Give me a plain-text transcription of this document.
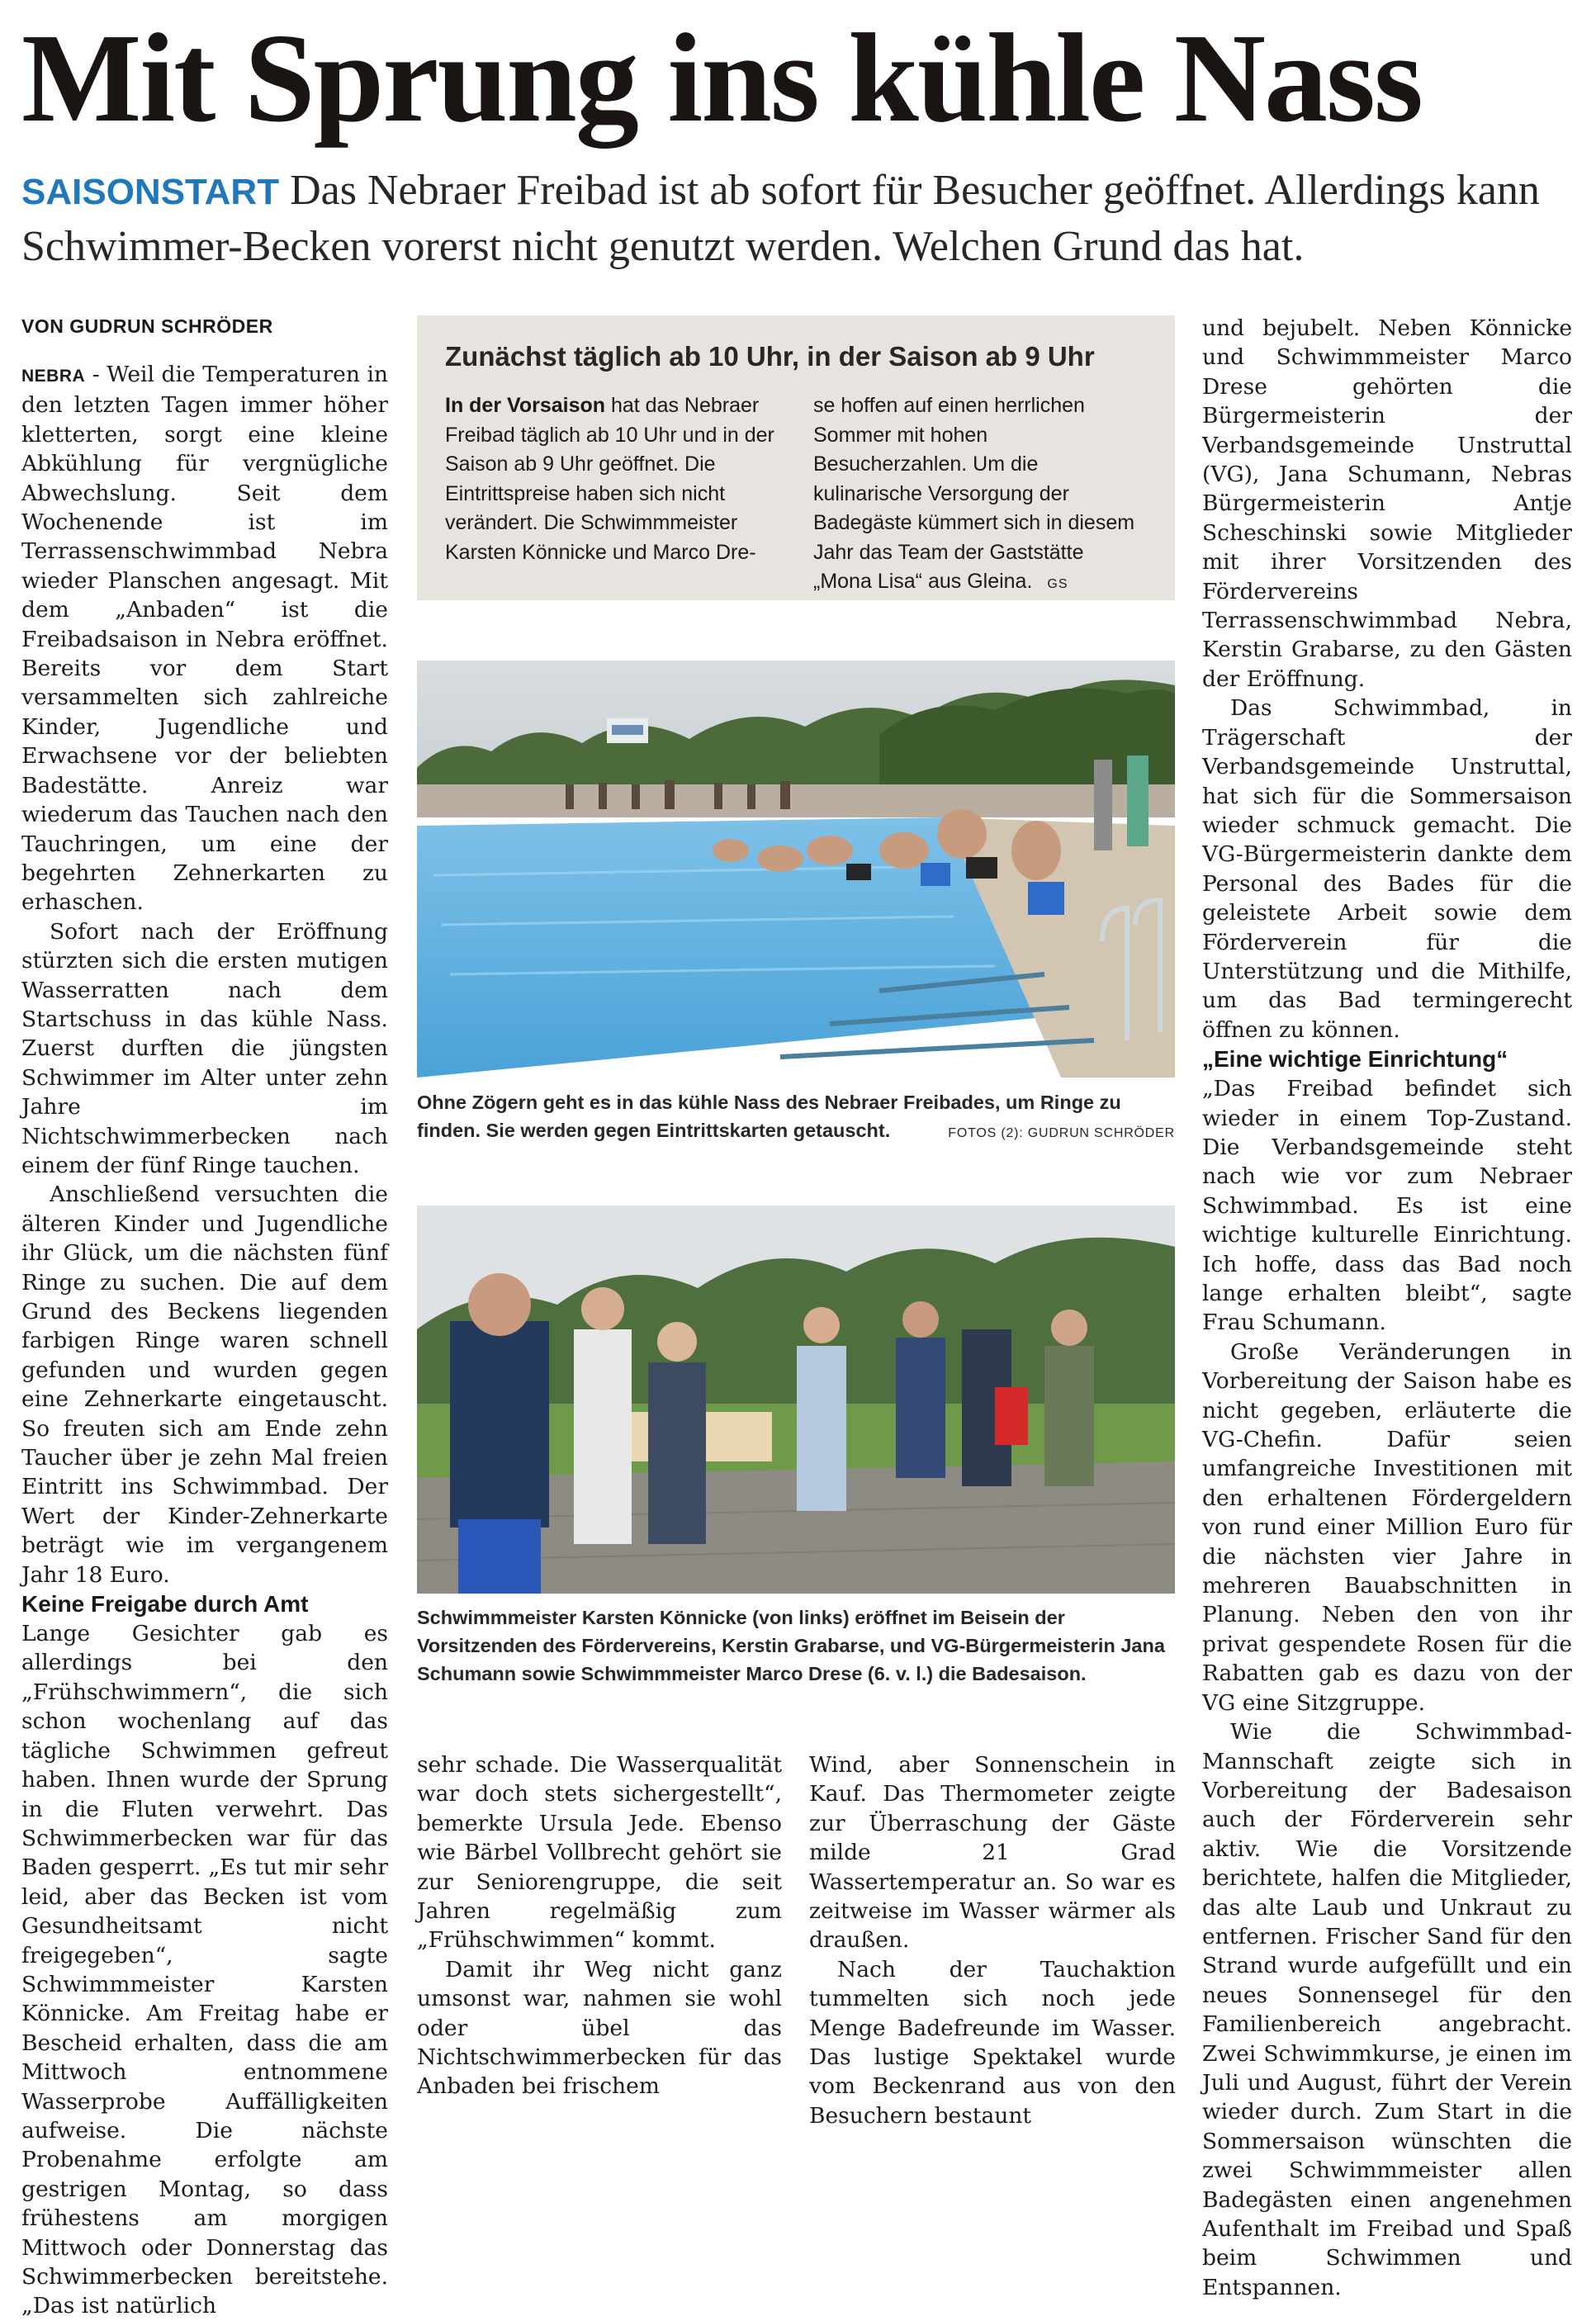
Mit Sprung ins kühle Nass
SAISONSTART Das Nebraer Freibad ist ab sofort für Besucher geöffnet. Allerdings kann Schwimmer-Becken vorerst nicht genutzt werden. Welchen Grund das hat.
VON GUDRUN SCHRÖDER

NEBRA - Weil die Temperaturen in den letzten Tagen immer höher kletterten, sorgt eine kleine Abkühlung für vergnügliche Abwechslung. Seit dem Wochenende ist im Terrassenschwimmbad Nebra wieder Planschen angesagt. Mit dem „Anbaden“ ist die Freibadsaison in Nebra eröffnet. Bereits vor dem Start versammelten sich zahlreiche Kinder, Jugendliche und Erwachsene vor der beliebten Badestätte. Anreiz war wiederum das Tauchen nach den Tauchringen, um eine der begehrten Zehnerkarten zu erhaschen.

Sofort nach der Eröffnung stürzten sich die ersten mutigen Wasserratten nach dem Startschuss in das kühle Nass. Zuerst durften die jüngsten Schwimmer im Alter unter zehn Jahre im Nichtschwimmerbecken nach einem der fünf Ringe tauchen.

Anschließend versuchten die älteren Kinder und Jugendliche ihr Glück, um die nächsten fünf Ringe zu suchen. Die auf dem Grund des Beckens liegenden farbigen Ringe waren schnell gefunden und wurden gegen eine Zehnerkarte eingetauscht. So freuten sich am Ende zehn Taucher über je zehn Mal freien Eintritt ins Schwimmbad. Der Wert der Kinder-Zehnerkarte beträgt wie im vergangenem Jahr 18 Euro.

Keine Freigabe durch Amt

Lange Gesichter gab es allerdings bei den „Frühschwimmern“, die sich schon wochenlang auf das tägliche Schwimmen gefreut haben. Ihnen wurde der Sprung in die Fluten verwehrt. Das Schwimmerbecken war für das Baden gesperrt. „Es tut mir sehr leid, aber das Becken ist vom Gesundheitsamt nicht freigegeben“, sagte Schwimmmeister Karsten Könnicke. Am Freitag habe er Bescheid erhalten, dass die am Mittwoch entnommene Wasserprobe Auffälligkeiten aufweise. Die nächste Probenahme erfolgte am gestrigen Montag, so dass frühestens am morgigen Mittwoch oder Donnerstag das Schwimmerbecken bereitstehe. „Das ist natürlich

Zunächst täglich ab 10 Uhr, in der Saison ab 9 Uhr
In der Vorsaison hat das Nebraer Freibad täglich ab 10 Uhr und in der Saison ab 9 Uhr geöffnet. Die Eintrittspreise haben sich nicht verändert. Die Schwimmmeister Karsten Könnicke und Marco Dre-
se hoffen auf einen herrlichen Sommer mit hohen Besucherzahlen. Um die kulinarische Versorgung der Badegäste kümmert sich in diesem Jahr das Team der Gaststätte „Mona Lisa“ aus Gleina. GS
Ohne Zögern geht es in das kühle Nass des Nebraer Freibades, um Ringe zu finden. Sie werden gegen Eintrittskarten getauscht.	FOTOS (2): GUDRUN SCHRÖDER
Schwimmmeister Karsten Könnicke (von links) eröffnet im Beisein der Vorsitzenden des Fördervereins, Kerstin Grabarse, und VG-Bürgermeisterin Jana Schumann sowie Schwimmmeister Marco Drese (6. v. l.) die Badesaison.

sehr schade. Die Wasserqualität war doch stets sichergestellt“, bemerkte Ursula Jede. Ebenso wie Bärbel Vollbrecht gehört sie zur Seniorengruppe, die seit Jahren regelmäßig zum „Frühschwimmen“ kommt.

Damit ihr Weg nicht ganz umsonst war, nahmen sie wohl oder übel das Nichtschwimmerbecken für das Anbaden bei frischem

Wind, aber Sonnenschein in Kauf. Das Thermometer zeigte zur Überraschung der Gäste milde 21 Grad Wassertemperatur an. So war es zeitweise im Wasser wärmer als draußen.

Nach der Tauchaktion tummelten sich noch jede Menge Badefreunde im Wasser. Das lustige Spektakel wurde vom Beckenrand aus von den Besuchern bestaunt

und bejubelt. Neben Könnicke und Schwimmmeister Marco Drese gehörten die Bürgermeisterin der Verbandsgemeinde Unstruttal (VG), Jana Schumann, Nebras Bürgermeisterin Antje Scheschinski sowie Mitglieder mit ihrer Vorsitzenden des Fördervereins Terrassenschwimmbad Nebra, Kerstin Grabarse, zu den Gästen der Eröffnung.

Das Schwimmbad, in Trägerschaft der Verbandsgemeinde Unstruttal, hat sich für die Sommersaison wieder schmuck gemacht. Die VG-Bürgermeisterin dankte dem Personal des Bades für die geleistete Arbeit sowie dem Förderverein für die Unterstützung und die Mithilfe, um das Bad termingerecht öffnen zu können.

„Eine wichtige Einrichtung“

„Das Freibad befindet sich wieder in einem Top-Zustand. Die Verbandsgemeinde steht nach wie vor zum Nebraer Schwimmbad. Es ist eine wichtige kulturelle Einrichtung. Ich hoffe, dass das Bad noch lange erhalten bleibt“, sagte Frau Schumann.

Große Veränderungen in Vorbereitung der Saison habe es nicht gegeben, erläuterte die VG-Chefin. Dafür seien umfangreiche Investitionen mit den erhaltenen Fördergeldern von rund einer Million Euro für die nächsten vier Jahre in mehreren Bauabschnitten in Planung. Neben den von ihr privat gespendete Rosen für die Rabatten gab es dazu von der VG eine Sitzgruppe.

Wie die Schwimmbad-Mannschaft zeigte sich in Vorbereitung der Badesaison auch der Förderverein sehr aktiv. Wie die Vorsitzende berichtete, halfen die Mitglieder, das alte Laub und Unkraut zu entfernen. Frischer Sand für den Strand wurde aufgefüllt und ein neues Sonnensegel für den Familienbereich angebracht. Zwei Schwimmkurse, je einen im Juli und August, führt der Verein wieder durch. Zum Start in die Sommersaison wünschten die zwei Schwimmmeister allen Badegästen einen angenehmen Aufenthalt im Freibad und Spaß beim Schwimmen und Entspannen.
